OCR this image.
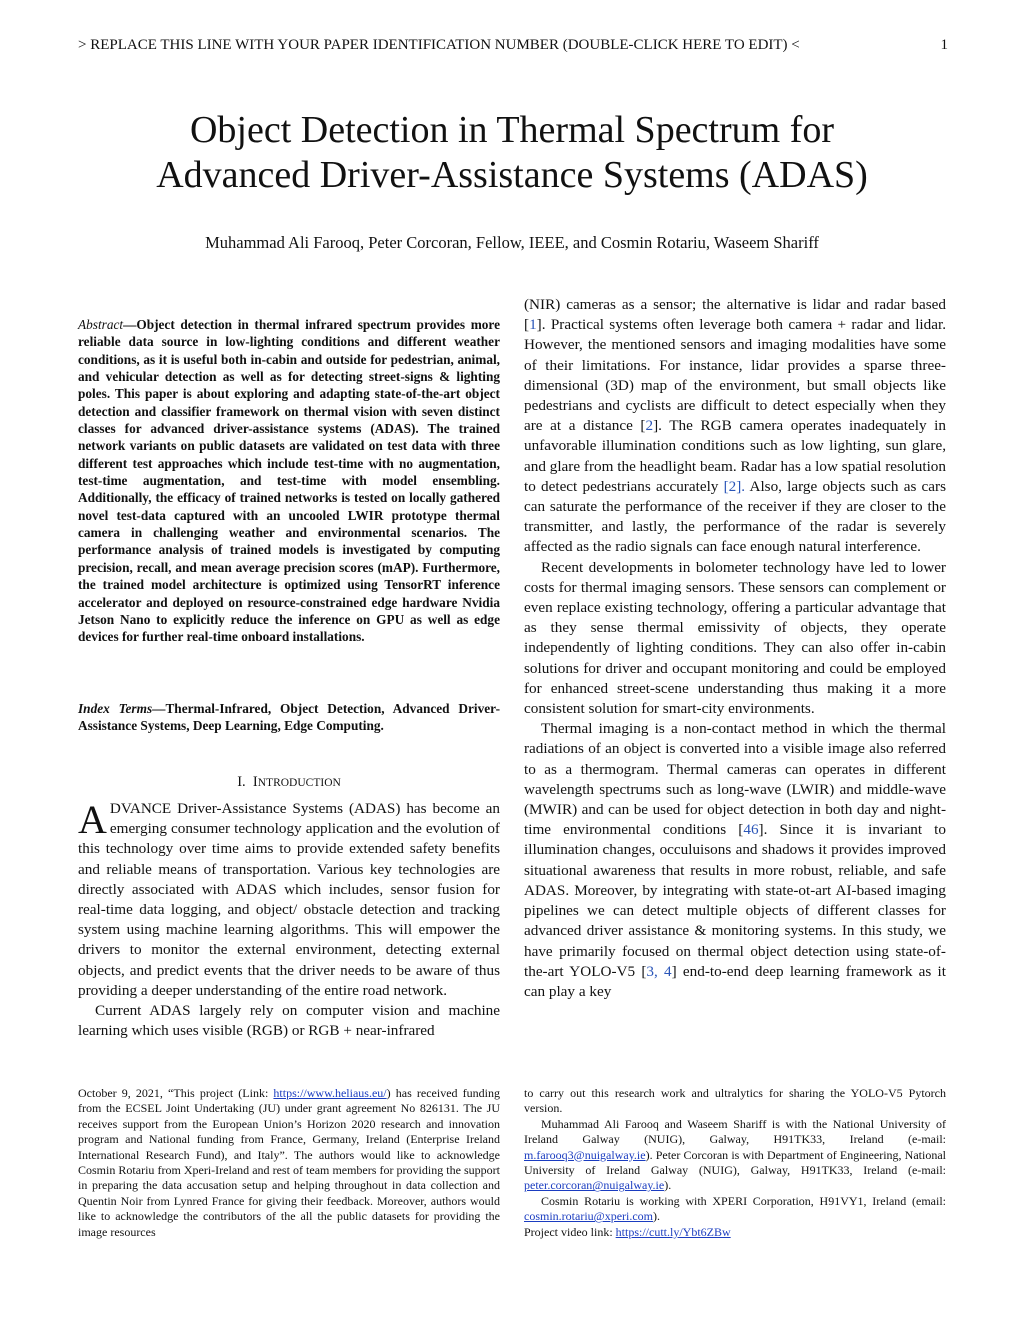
> REPLACE THIS LINE WITH YOUR PAPER IDENTIFICATION NUMBER (DOUBLE-CLICK HERE TO EDIT) <	1
Object Detection in Thermal Spectrum for
Advanced Driver-Assistance Systems (ADAS)
Muhammad Ali Farooq, Peter Corcoran, Fellow, IEEE, and Cosmin Rotariu, Waseem Shariff
Abstract—Object detection in thermal infrared spectrum provides more reliable data source in low-lighting conditions and different weather conditions, as it is useful both in-cabin and outside for pedestrian, animal, and vehicular detection as well as for detecting street-signs & lighting poles. This paper is about exploring and adapting state-of-the-art object detection and classifier framework on thermal vision with seven distinct classes for advanced driver-assistance systems (ADAS). The trained network variants on public datasets are validated on test data with three different test approaches which include test-time with no augmentation, test-time augmentation, and test-time with model ensembling. Additionally, the efficacy of trained networks is tested on locally gathered novel test-data captured with an uncooled LWIR prototype thermal camera in challenging weather and environmental scenarios. The performance analysis of trained models is investigated by computing precision, recall, and mean average precision scores (mAP). Furthermore, the trained model architecture is optimized using TensorRT inference accelerator and deployed on resource-constrained edge hardware Nvidia Jetson Nano to explicitly reduce the inference on GPU as well as edge devices for further real-time onboard installations.
Index Terms—Thermal-Infrared, Object Detection, Advanced Driver-Assistance Systems, Deep Learning, Edge Computing.
I. INTRODUCTION

ADVANCE Driver-Assistance Systems (ADAS) has become an emerging consumer technology application and the evolution of this technology over time aims to provide extended safety benefits and reliable means of transportation. Various key technologies are directly associated with ADAS which includes, sensor fusion for real-time data logging, and object/ obstacle detection and tracking system using machine learning algorithms. This will empower the drivers to monitor the external environment, detecting external objects, and predict events that the driver needs to be aware of thus providing a deeper understanding of the entire road network.

Current ADAS largely rely on computer vision and machine learning which uses visible (RGB) or RGB + near-infrared

(NIR) cameras as a sensor; the alternative is lidar and radar based [1]. Practical systems often leverage both camera + radar and lidar. However, the mentioned sensors and imaging modalities have some of their limitations. For instance, lidar provides a sparse three-dimensional (3D) map of the environment, but small objects like pedestrians and cyclists are difficult to detect especially when they are at a distance [2]. The RGB camera operates inadequately in unfavorable illumination conditions such as low lighting, sun glare, and glare from the headlight beam. Radar has a low spatial resolution to detect pedestrians accurately [2]. Also, large objects such as cars can saturate the performance of the receiver if they are closer to the transmitter, and lastly, the performance of the radar is severely affected as the radio signals can face enough natural interference.

Recent developments in bolometer technology have led to lower costs for thermal imaging sensors. These sensors can complement or even replace existing technology, offering a particular advantage that as they sense thermal emissivity of objects, they operate independently of lighting conditions. They can also offer in-cabin solutions for driver and occupant monitoring and could be employed for enhanced street-scene understanding thus making it a more consistent solution for smart-city environments.

Thermal imaging is a non-contact method in which the thermal radiations of an object is converted into a visible image also referred to as a thermogram. Thermal cameras can operates in different wavelength spectrums such as long-wave (LWIR) and middle-wave (MWIR) and can be used for object detection in both day and night-time environmental conditions [46]. Since it is invariant to illumination changes, occuluisons and shadows it provides improved situational awareness that results in more robust, reliable, and safe ADAS. Moreover, by integrating with state-ot-art AI-based imaging pipelines we can detect multiple objects of different classes for advanced driver assistance & monitoring systems. In this study, we have primarily focused on thermal object detection using state-of-the-art YOLO-V5 [3, 4] end-to-end deep learning framework as it can play a key

October 9, 2021, “This project (Link: https://www.heliaus.eu/) has received funding from the ECSEL Joint Undertaking (JU) under grant agreement No 826131. The JU receives support from the European Union’s Horizon 2020 research and innovation program and National funding from France, Germany, Ireland (Enterprise Ireland International Research Fund), and Italy”. The authors would like to acknowledge Cosmin Rotariu from Xperi-Ireland and rest of team members for providing the support in preparing the data accusation setup and helping throughout in data collection and Quentin Noir from Lynred France for giving their feedback. Moreover, authors would like to acknowledge the contributors of the all the public datasets for providing the image resources

to carry out this research work and ultralytics for sharing the YOLO-V5 Pytorch version.

Muhammad Ali Farooq and Waseem Shariff is with the National University of Ireland Galway (NUIG), Galway, H91TK33, Ireland (e-mail: m.farooq3@nuigalway.ie). Peter Corcoran is with Department of Engineering, National University of Ireland Galway (NUIG), Galway, H91TK33, Ireland (e-mail: peter.corcoran@nuigalway.ie).

Cosmin Rotariu is working with XPERI Corporation, H91VY1, Ireland (email: cosmin.rotariu@xperi.com).

Project video link: https://cutt.ly/Ybt6ZBw
